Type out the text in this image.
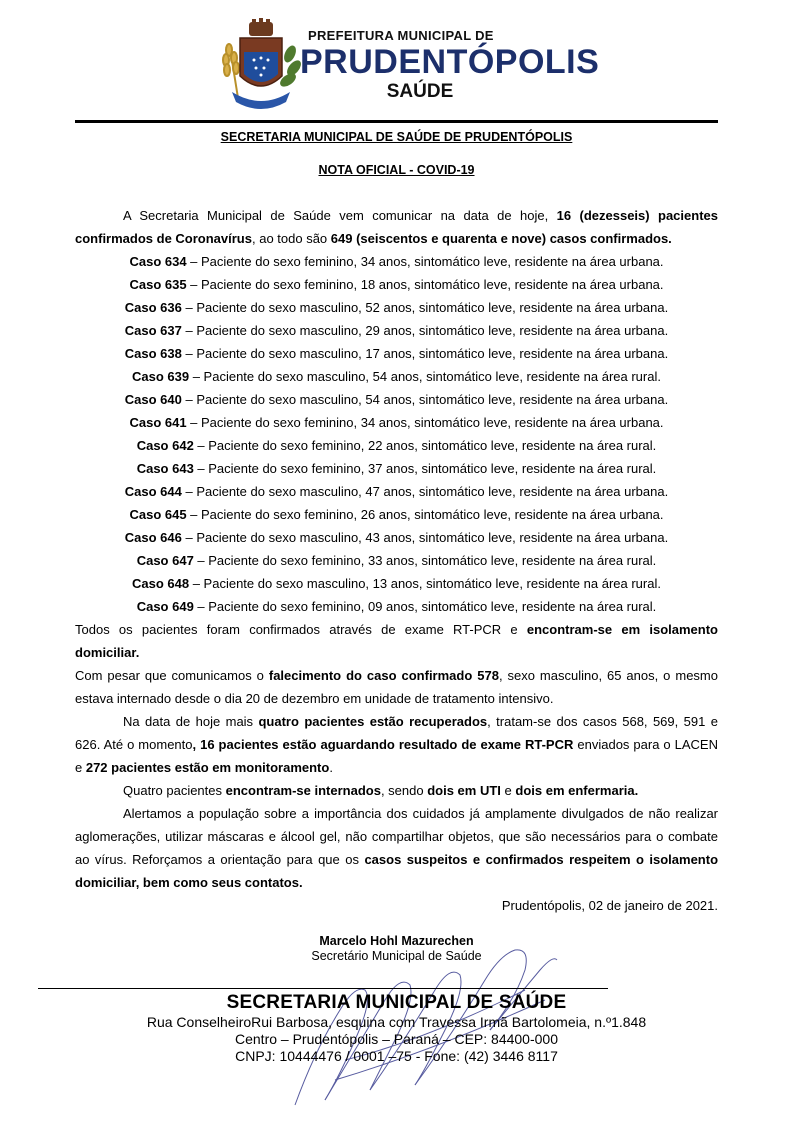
PREFEITURA MUNICIPAL DE
PRUDENTÓPOLIS
SAÚDE
SECRETARIA MUNICIPAL DE SAÚDE DE PRUDENTÓPOLIS
NOTA OFICIAL - COVID-19

A Secretaria Municipal de Saúde vem comunicar na data de hoje, 16 (dezesseis) pacientes confirmados de Coronavírus, ao todo são 649 (seiscentos e quarenta e nove) casos confirmados.

Caso 634 – Paciente do sexo feminino, 34 anos, sintomático leve, residente na área urbana.
Caso 635 – Paciente do sexo feminino, 18 anos, sintomático leve, residente na área urbana.
Caso 636 – Paciente do sexo masculino, 52 anos, sintomático leve, residente na área urbana.
Caso 637 – Paciente do sexo masculino, 29 anos, sintomático leve, residente na área urbana.
Caso 638 – Paciente do sexo masculino, 17 anos, sintomático leve, residente na área urbana.
Caso 639 – Paciente do sexo masculino, 54 anos, sintomático leve, residente na área rural.
Caso 640 – Paciente do sexo masculino, 54 anos, sintomático leve, residente na área urbana.
Caso 641 – Paciente do sexo feminino, 34 anos, sintomático leve, residente na área urbana.
Caso 642 – Paciente do sexo feminino, 22 anos, sintomático leve, residente na área rural.
Caso 643 – Paciente do sexo feminino, 37 anos, sintomático leve, residente na área rural.
Caso 644 – Paciente do sexo masculino, 47 anos, sintomático leve, residente na área urbana.
Caso 645 – Paciente do sexo feminino, 26 anos, sintomático leve, residente na área urbana.
Caso 646 – Paciente do sexo masculino, 43 anos, sintomático leve, residente na área urbana.
Caso 647 – Paciente do sexo feminino, 33 anos, sintomático leve, residente na área rural.
Caso 648 – Paciente do sexo masculino, 13 anos, sintomático leve, residente na área rural.
Caso 649 – Paciente do sexo feminino, 09 anos, sintomático leve, residente na área rural.

Todos os pacientes foram confirmados através de exame RT-PCR e encontram-se em isolamento domiciliar.

Com pesar que comunicamos o falecimento do caso confirmado 578, sexo masculino, 65 anos, o mesmo estava internado desde o dia 20 de dezembro em unidade de tratamento intensivo.

Na data de hoje mais quatro pacientes estão recuperados, tratam-se dos casos 568, 569, 591 e 626. Até o momento, 16 pacientes estão aguardando resultado de exame RT-PCR enviados para o LACEN e 272 pacientes estão em monitoramento.

Quatro pacientes encontram-se internados, sendo dois em UTI e dois em enfermaria.

Alertamos a população sobre a importância dos cuidados já amplamente divulgados de não realizar aglomerações, utilizar máscaras e álcool gel, não compartilhar objetos, que são necessários para o combate ao vírus. Reforçamos a orientação para que os casos suspeitos e confirmados respeitem o isolamento domiciliar, bem como seus contatos.

Prudentópolis, 02 de janeiro de 2021.

Marcelo Hohl Mazurechen
Secretário Municipal de Saúde
SECRETARIA MUNICIPAL DE SAÚDE
Rua ConselheiroRui Barbosa, esquina com Travessa Irmã Bartolomeia, n.º1.848
Centro – Prudentópolis – Paraná – CEP: 84400-000
CNPJ: 10444476 / 0001 –75 - Fone: (42) 3446 8117
